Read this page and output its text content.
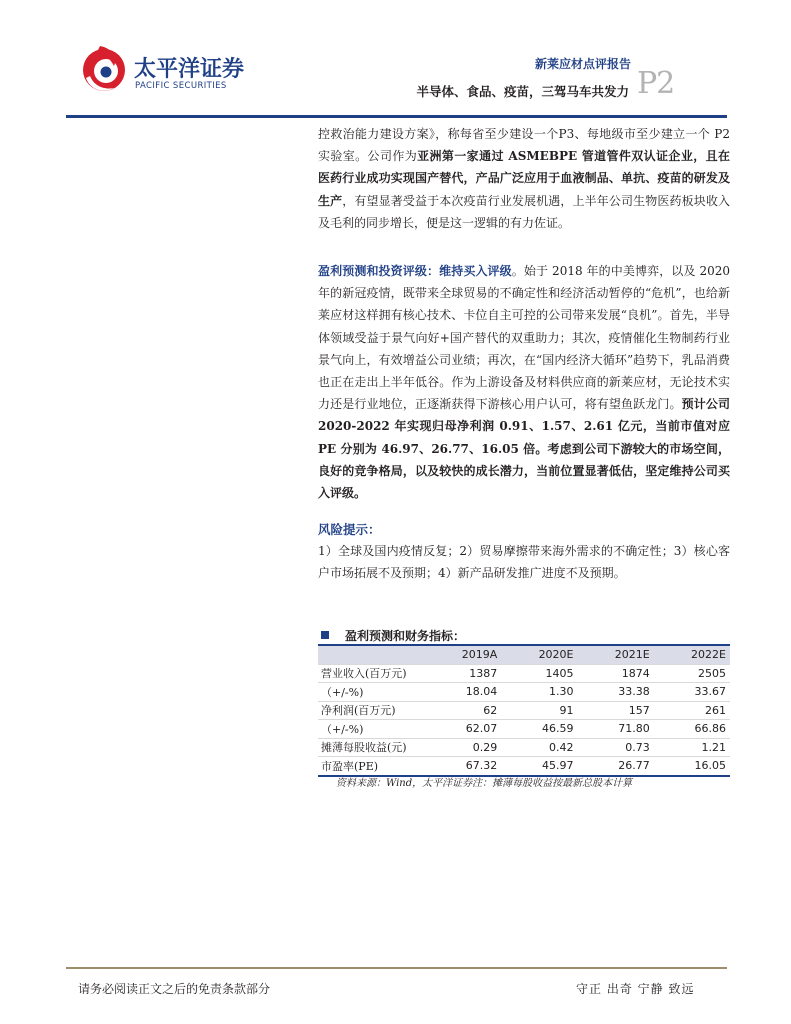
太平洋证券
PACIFIC SECURITIES
新莱应材点评报告
半导体、食品、疫苗，三驾马车共发力 P2
控救治能力建设方案》，称每省至少建设一个P3、每地级市至少建立一个 P2 实验室。公司作为亚洲第一家通过 ASMEBPE 管道管件双认证企业，且在医药行业成功实现国产替代，产品广泛应用于血液制品、单抗、疫苗的研发及生产，有望显著受益于本次疫苗行业发展机遇，上半年公司生物医药板块收入及毛利的同步增长，便是这一逻辑的有力佐证。
盈利预测和投资评级：维持买入评级。始于 2018 年的中美博弈，以及 2020 年的新冠疫情，既带来全球贸易的不确定性和经济活动暂停的“危机”，也给新莱应材这样拥有核心技术、卡位自主可控的公司带来发展“良机”。首先，半导体领域受益于景气向好+国产替代的双重助力；其次，疫情催化生物制药行业景气向上，有效增益公司业绩；再次，在“国内经济大循环”趋势下，乳品消费也正在走出上半年低谷。作为上游设备及材料供应商的新莱应材，无论技术实力还是行业地位，正逐渐获得下游核心用户认可，将有望鱼跃龙门。预计公司 2020-2022 年实现归母净利润 0.91、1.57、2.61 亿元，当前市值对应 PE 分别为 46.97、26.77、16.05 倍。考虑到公司下游较大的市场空间，良好的竞争格局，以及较快的成长潜力，当前位置显著低估，坚定维持公司买入评级。
风险提示：
1）全球及国内疫情反复；2）贸易摩擦带来海外需求的不确定性；3）核心客户市场拓展不及预期；4）新产品研发推广进度不及预期。
盈利预测和财务指标：
	2019A	2020E	2021E	2022E
营业收入(百万元)	1387	1405	1874	2505
（+/-%)	18.04	1.30	33.38	33.67
净利润(百万元)	62	91	157	261
（+/-%)	62.07	46.59	71.80	66.86
摊薄每股收益(元)	0.29	0.42	0.73	1.21
市盈率(PE)	67.32	45.97	26.77	16.05
资料来源：Wind，太平洋证券注：摊薄每股收益按最新总股本计算
请务必阅读正文之后的免责条款部分	守正 出奇 宁静 致远
